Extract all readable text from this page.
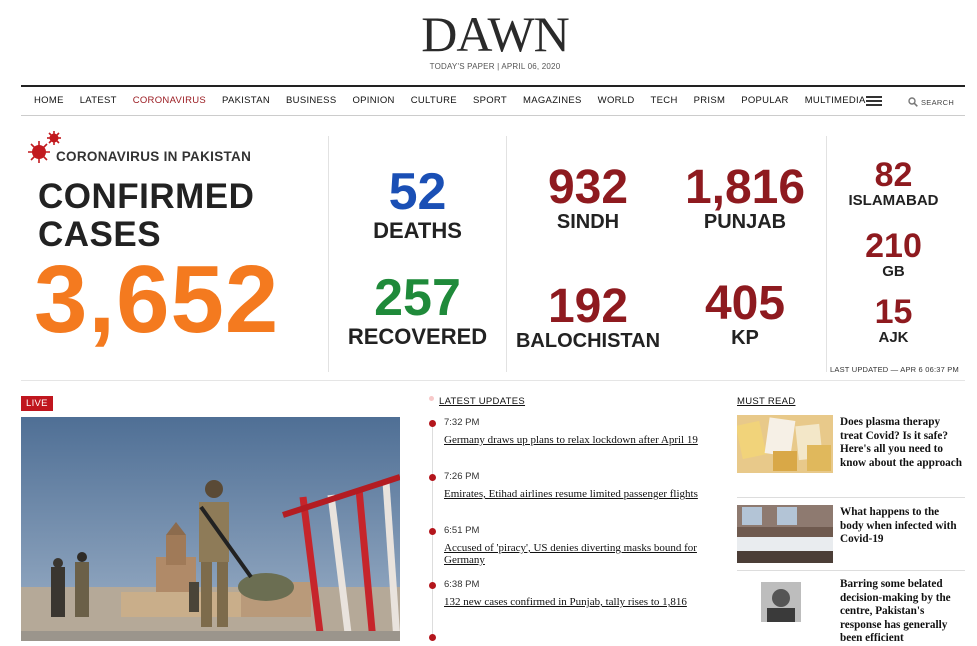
DAWN
TODAY'S PAPER | APRIL 06, 2020
HOME LATEST CORONAVIRUS PAKISTAN BUSINESS OPINION CULTURE SPORT MAGAZINES WORLD TECH PRISM POPULAR MULTIMEDIA	SEARCH
CORONAVIRUS IN PAKISTAN
CONFIRMED
CASES
3,652
52
DEATHS
257
RECOVERED
932
SINDH
1,816
PUNJAB
192
BALOCHISTAN
405
KP
82
ISLAMABAD
210
GB
15
AJK
LAST UPDATED — APR 6 06:37 PM
LIVE	LATEST UPDATES
7:32 PM
Germany draws up plans to relax lockdown after April 19
7:26 PM
Emirates, Etihad airlines resume limited passenger flights
6:51 PM
Accused of 'piracy', US denies diverting masks bound for Germany
6:38 PM
132 new cases confirmed in Punjab, tally rises to 1,816
MUST READ
Does plasma therapy treat Covid? Is it safe? Here's all you need to know about the approach
What happens to the body when infected with Covid-19
Barring some belated decision-making by the centre, Pakistan's response has generally been efficient
